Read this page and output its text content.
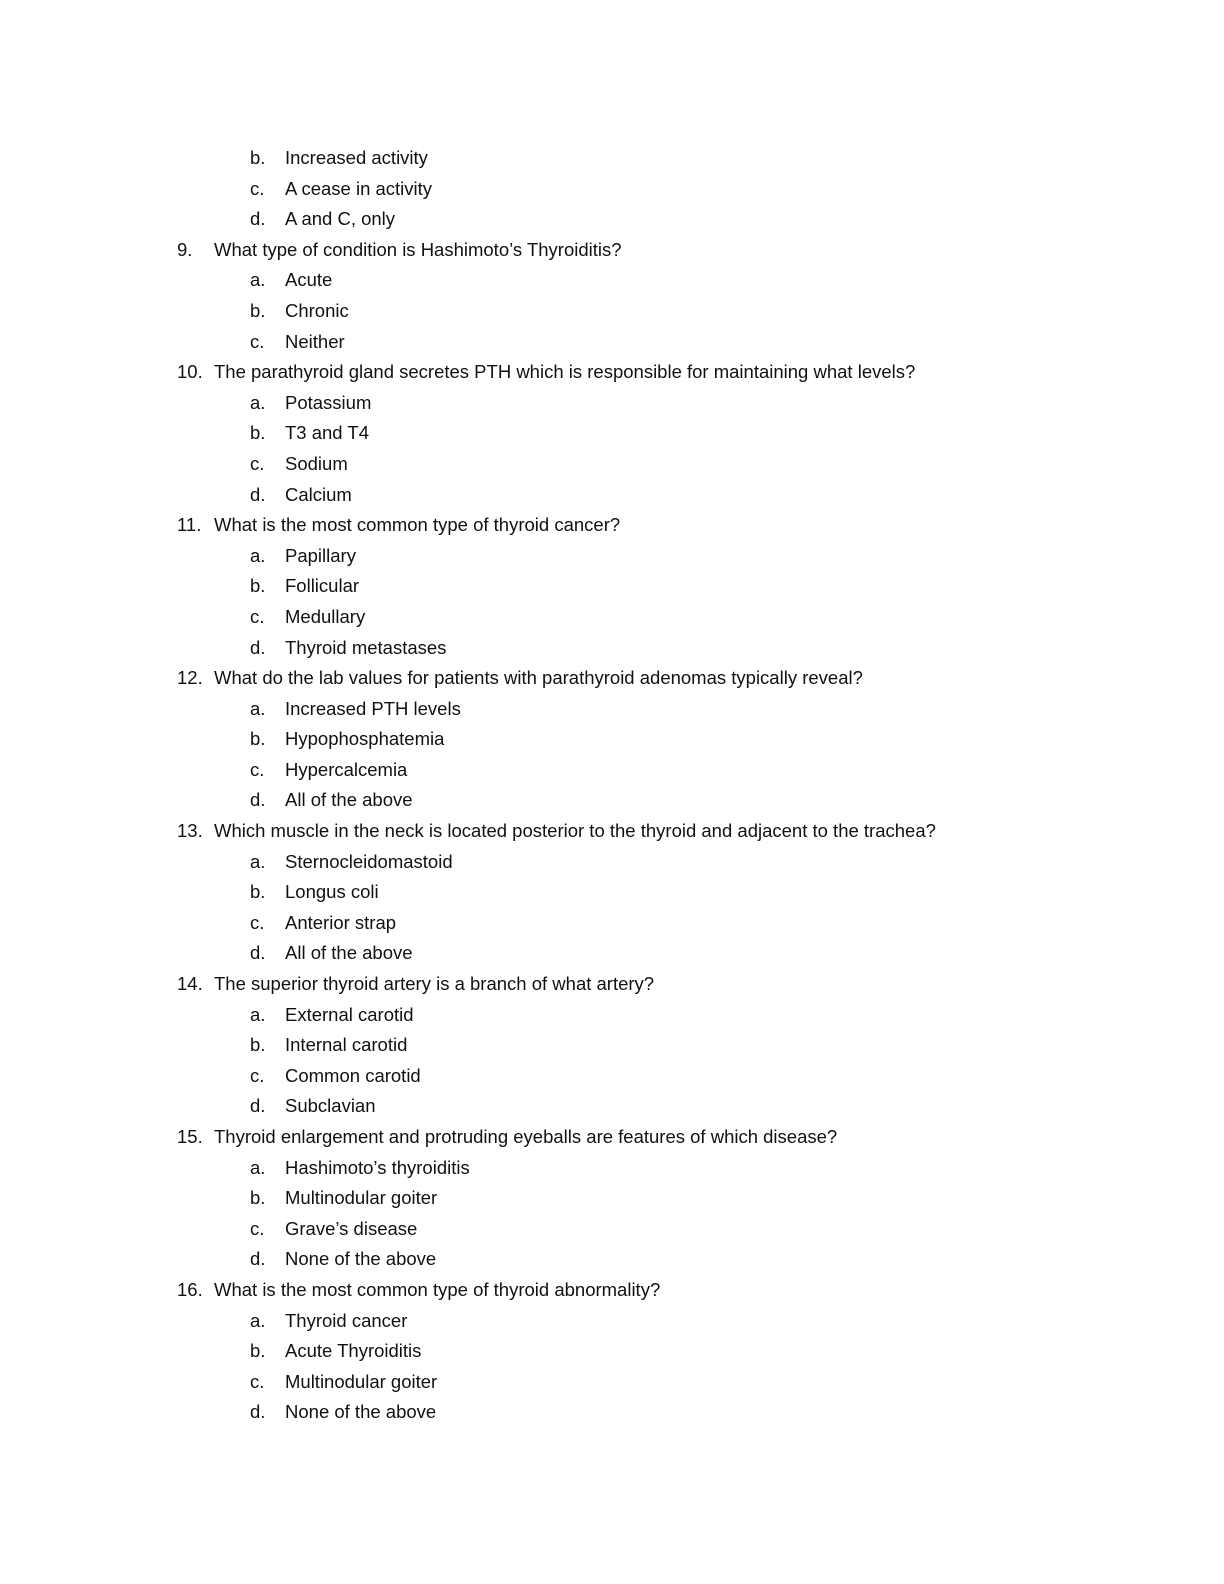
b. Increased activity
c. A cease in activity
d. A and C, only
9. What type of condition is Hashimoto’s Thyroiditis?
a. Acute
b. Chronic
c. Neither
10. The parathyroid gland secretes PTH which is responsible for maintaining what levels?
a. Potassium
b. T3 and T4
c. Sodium
d. Calcium
11. What is the most common type of thyroid cancer?
a. Papillary
b. Follicular
c. Medullary
d. Thyroid metastases
12. What do the lab values for patients with parathyroid adenomas typically reveal?
a. Increased PTH levels
b. Hypophosphatemia
c. Hypercalcemia
d. All of the above
13. Which muscle in the neck is located posterior to the thyroid and adjacent to the trachea?
a. Sternocleidomastoid
b. Longus coli
c. Anterior strap
d. All of the above
14. The superior thyroid artery is a branch of what artery?
a. External carotid
b. Internal carotid
c. Common carotid
d. Subclavian
15. Thyroid enlargement and protruding eyeballs are features of which disease?
a. Hashimoto’s thyroiditis
b. Multinodular goiter
c. Grave’s disease
d. None of the above
16. What is the most common type of thyroid abnormality?
a. Thyroid cancer
b. Acute Thyroiditis
c. Multinodular goiter
d. None of the above
